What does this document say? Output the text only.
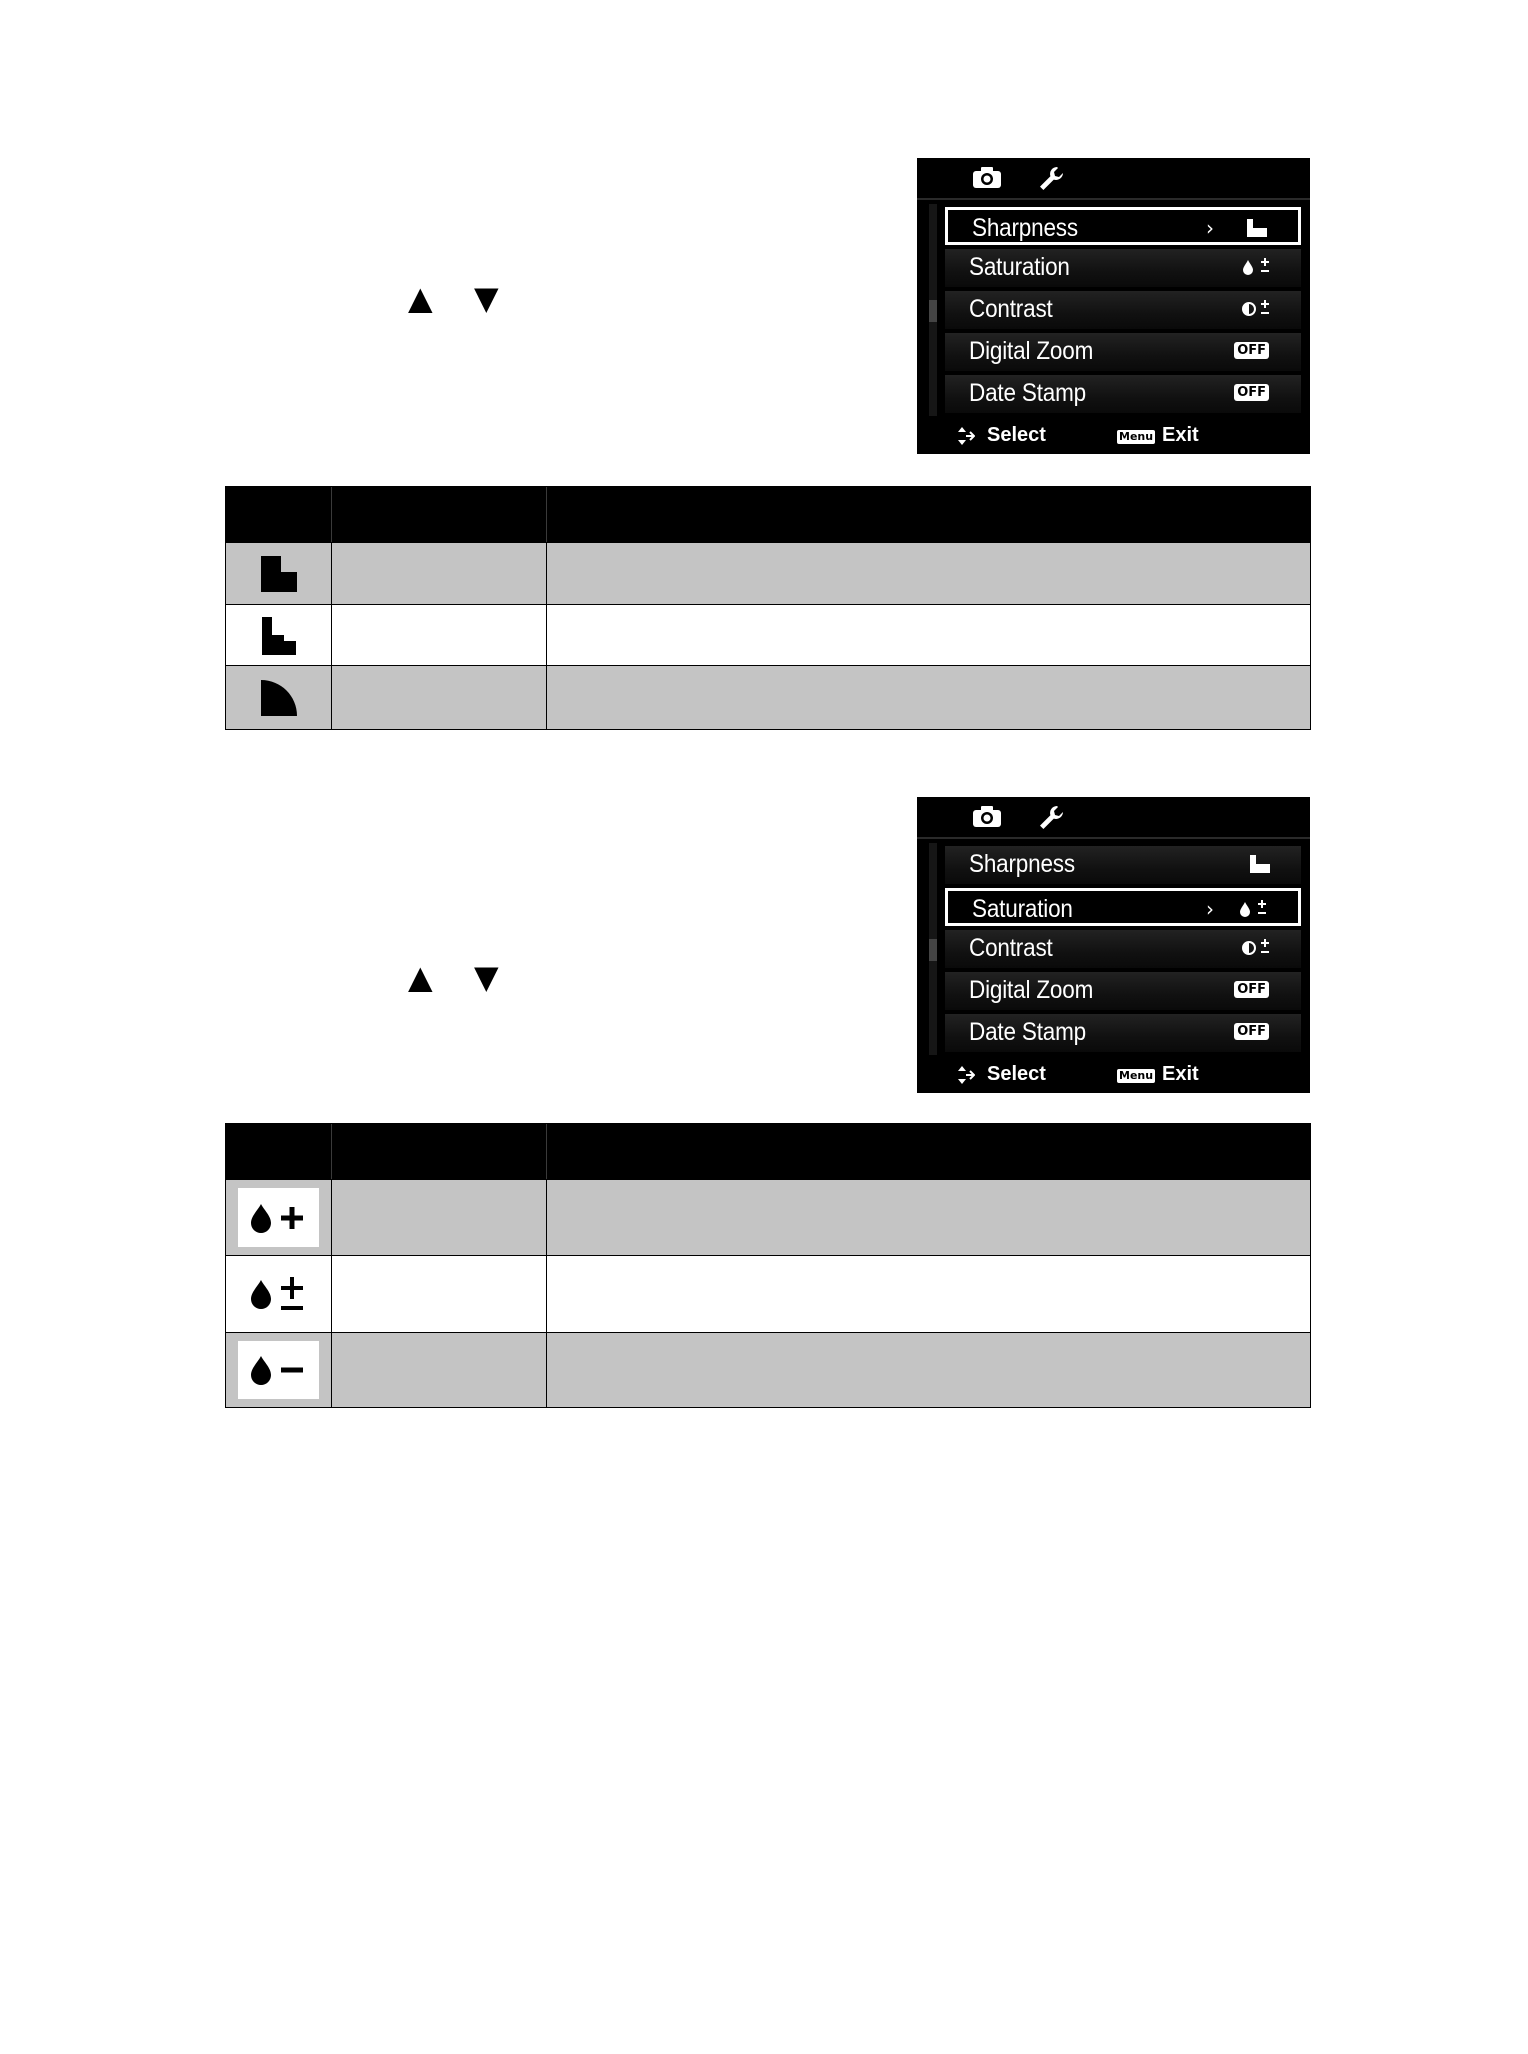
▲ ▼
Sharpness	›
Saturation
Contrast
Digital Zoom	OFF
Date Stamp	OFF
Select	Menu Exit
▲ ▼
Sharpness
Saturation	›
Contrast
Digital Zoom	OFF
Date Stamp	OFF
Select	Menu Exit
